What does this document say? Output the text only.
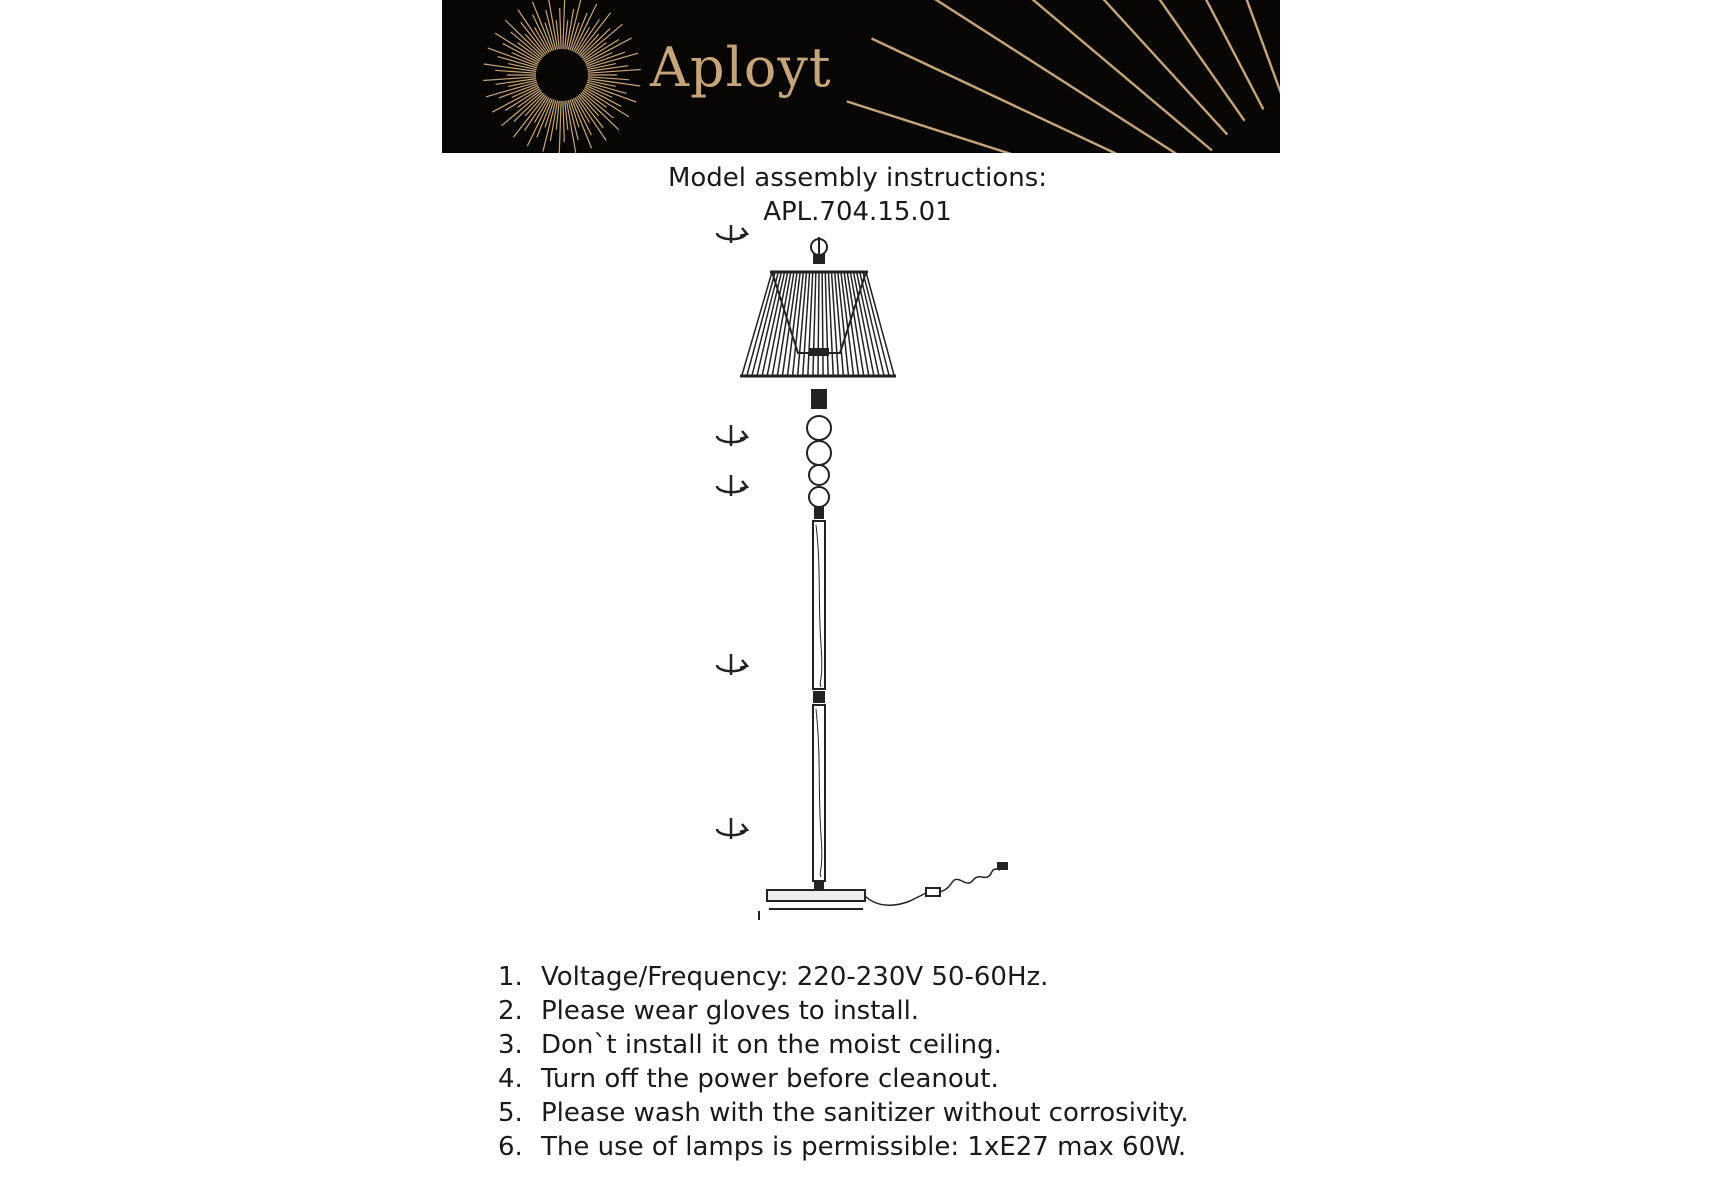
Aployt
Model assembly instructions:
APL.704.15.01
1. Voltage/Frequency: 220-230V 50-60Hz.
2. Please wear gloves to install.
3. Don`t install it on the moist ceiling.
4. Turn off the power before cleanout.
5. Please wash with the sanitizer without corrosivity.
6. The use of lamps is permissible: 1xE27 max 60W.
